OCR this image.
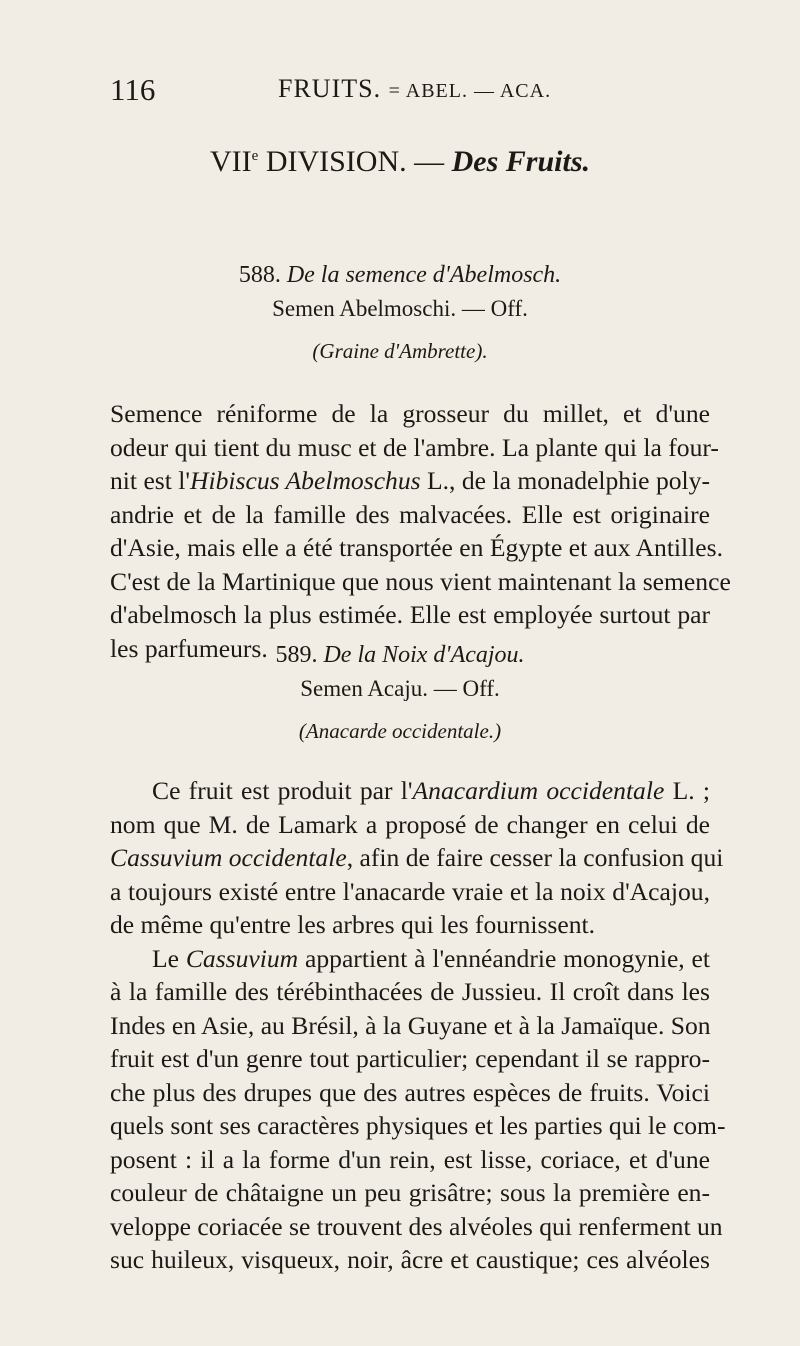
116	FRUITS. = ABEL. — ACA.
VIIe DIVISION. — Des Fruits.
588. De la semence d'Abelmosch.
Semen Abelmoschi. — Off.
(Graine d'Ambrette).
Semence réniforme de la grosseur du millet, et d'une
odeur qui tient du musc et de l'ambre. La plante qui la four-
nit est l'Hibiscus Abelmoschus L., de la monadelphie poly-
andrie et de la famille des malvacées. Elle est originaire
d'Asie, mais elle a été transportée en Égypte et aux Antilles.
C'est de la Martinique que nous vient maintenant la semence
d'abelmosch la plus estimée. Elle est employée surtout par
les parfumeurs. 589. De la Noix d'Acajou.
Semen Acaju. — Off.
(Anacarde occidentale.)
Ce fruit est produit par l'Anacardium occidentale L. ;
nom que M. de Lamark a proposé de changer en celui de
Cassuvium occidentale, afin de faire cesser la confusion qui
a toujours existé entre l'anacarde vraie et la noix d'Acajou,
de même qu'entre les arbres qui les fournissent.
Le Cassuvium appartient à l'ennéandrie monogynie, et
à la famille des térébinthacées de Jussieu. Il croît dans les
Indes en Asie, au Brésil, à la Guyane et à la Jamaïque. Son
fruit est d'un genre tout particulier; cependant il se rappro-
che plus des drupes que des autres espèces de fruits. Voici
quels sont ses caractères physiques et les parties qui le com-
posent : il a la forme d'un rein, est lisse, coriace, et d'une
couleur de châtaigne un peu grisâtre; sous la première en-
veloppe coriacée se trouvent des alvéoles qui renferment un
suc huileux, visqueux, noir, âcre et caustique; ces alvéoles
